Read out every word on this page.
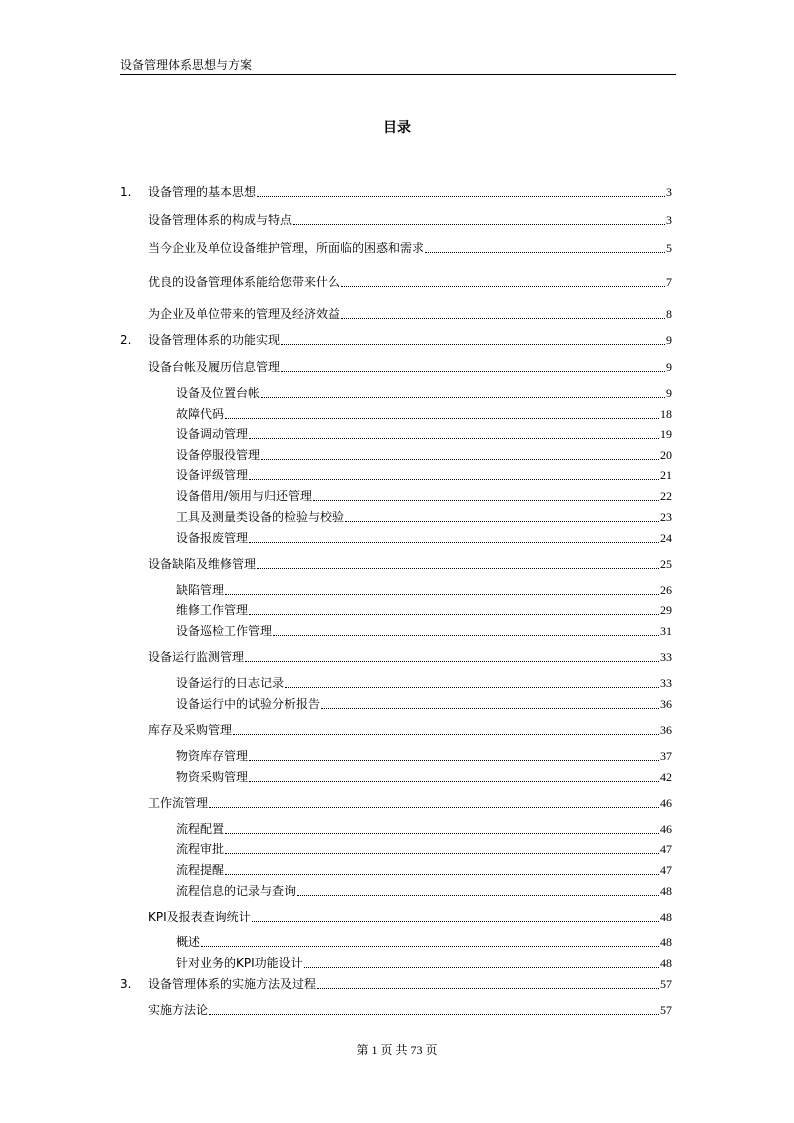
设备管理体系思想与方案
目录
1.	设备管理的基本思想	3
设备管理体系的构成与特点	3
当今企业及单位设备维护管理，所面临的困惑和需求	5
优良的设备管理体系能给您带来什么	7
为企业及单位带来的管理及经济效益	8
2.	设备管理体系的功能实现	9
设备台帐及履历信息管理	9
设备及位置台帐	9
故障代码	18
设备调动管理	19
设备停服役管理	20
设备评级管理	21
设备借用/领用与归还管理	22
工具及测量类设备的检验与校验	23
设备报废管理	24
设备缺陷及维修管理	25
缺陷管理	26
维修工作管理	29
设备巡检工作管理	31
设备运行监测管理	33
设备运行的日志记录	33
设备运行中的试验分析报告	36
库存及采购管理	36
物资库存管理	37
物资采购管理	42
工作流管理	46
流程配置	46
流程审批	47
流程提醒	47
流程信息的记录与查询	48
KPI及报表查询统计	48
概述	48
针对业务的KPI功能设计	48
3.	设备管理体系的实施方法及过程	57
实施方法论	57
第 1 页 共 73 页
